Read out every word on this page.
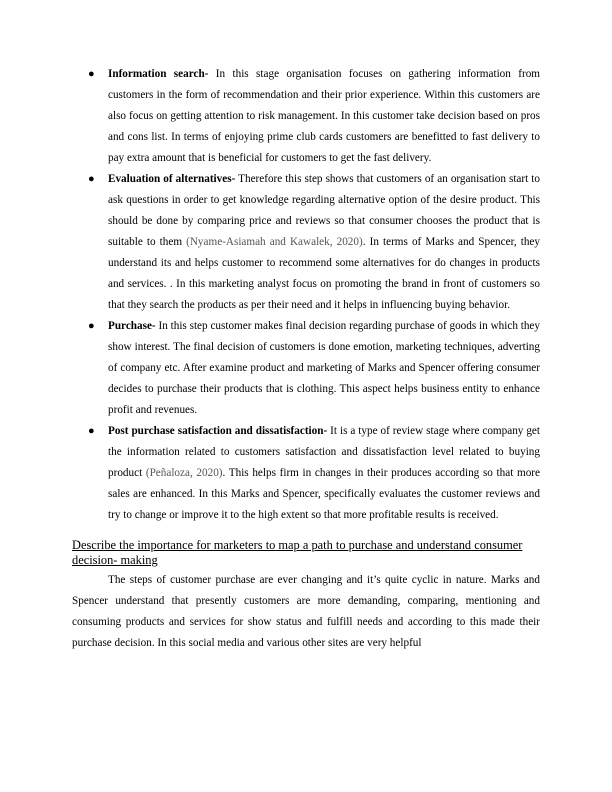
● Information search- In this stage organisation focuses on gathering information from customers in the form of recommendation and their prior experience. Within this customers are also focus on getting attention to risk management. In this customer take decision based on pros and cons list. In terms of enjoying prime club cards customers are benefitted to fast delivery to pay extra amount that is beneficial for customers to get the fast delivery.
● Evaluation of alternatives- Therefore this step shows that customers of an organisation start to ask questions in order to get knowledge regarding alternative option of the desire product. This should be done by comparing price and reviews so that consumer chooses the product that is suitable to them (Nyame-Asiamah and Kawalek, 2020). In terms of Marks and Spencer, they understand its and helps customer to recommend some alternatives for do changes in products and services. . In this marketing analyst focus on promoting the brand in front of customers so that they search the products as per their need and it helps in influencing buying behavior.
● Purchase- In this step customer makes final decision regarding purchase of goods in which they show interest. The final decision of customers is done emotion, marketing techniques, adverting of company etc. After examine product and marketing of Marks and Spencer offering consumer decides to purchase their products that is clothing. This aspect helps business entity to enhance profit and revenues.
● Post purchase satisfaction and dissatisfaction- It is a type of review stage where company get the information related to customers satisfaction and dissatisfaction level related to buying product (Peñaloza, 2020). This helps firm in changes in their produces according so that more sales are enhanced. In this Marks and Spencer, specifically evaluates the customer reviews and try to change or improve it to the high extent so that more profitable results is received.
Describe the importance for marketers to map a path to purchase and understand consumer decision- making

The steps of customer purchase are ever changing and it’s quite cyclic in nature. Marks and Spencer understand that presently customers are more demanding, comparing, mentioning and consuming products and services for show status and fulfill needs and according to this made their purchase decision. In this social media and various other sites are very helpful
